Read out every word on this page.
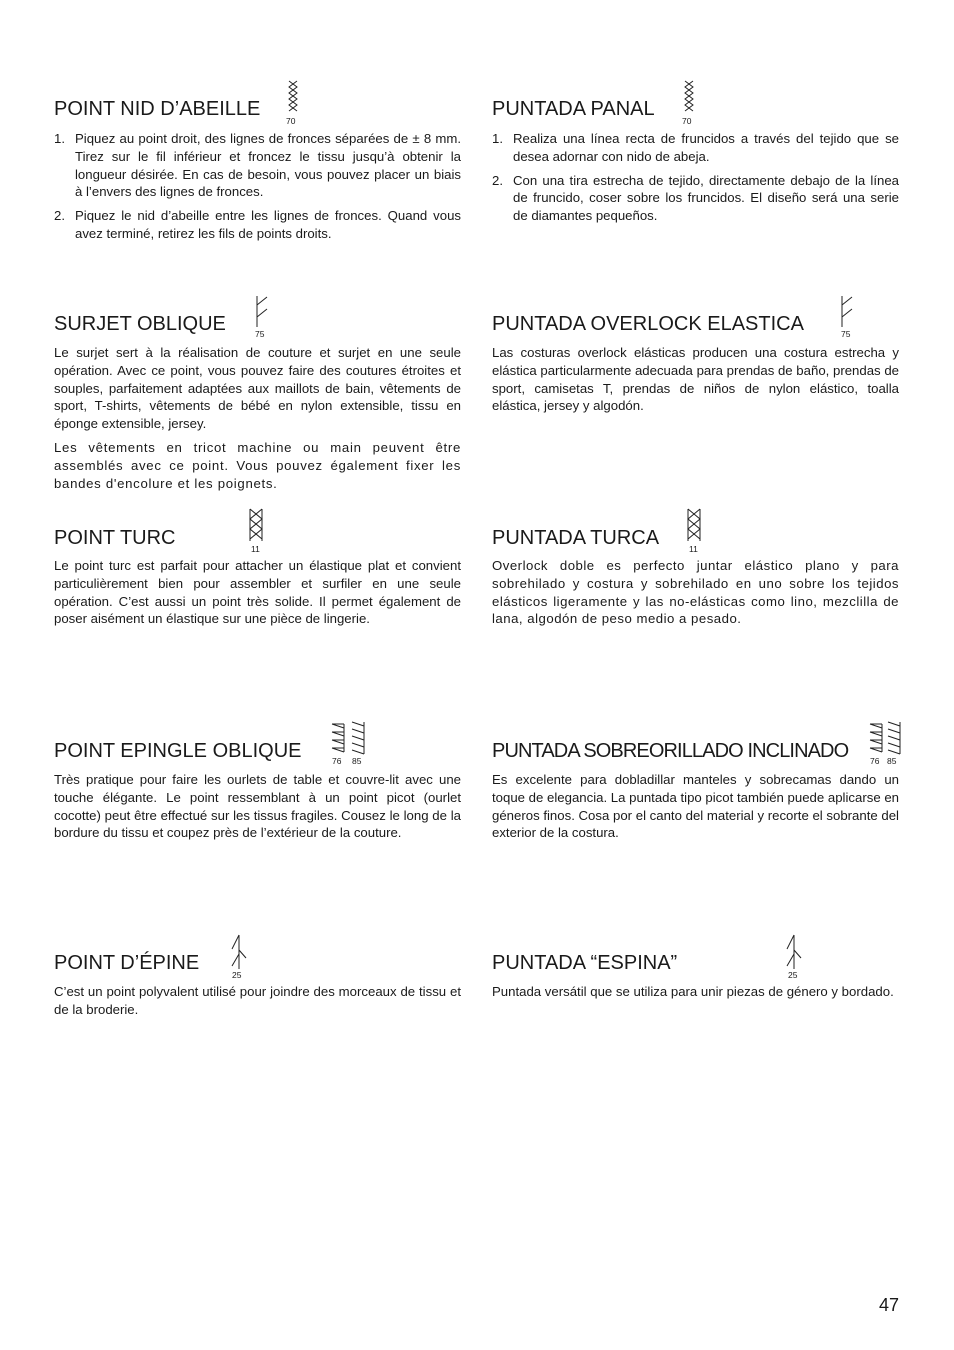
POINT NID D’ABEILLE
70
1. Piquez au point droit, des lignes de fronces séparées de ± 8 mm. Tirez sur le fil inférieur et froncez le tissu jusqu’à obtenir la longueur désirée. En cas de besoin, vous pouvez placer un biais à l’envers des lignes de fronces.
2. Piquez le nid d’abeille entre les lignes de fronces. Quand vous avez terminé, retirez les fils de points droits.
PUNTADA PANAL
70
1. Realiza una línea recta de fruncidos a través del tejido que se desea adornar con nido de abeja.
2. Con una tira estrecha de tejido, directamente debajo de la línea de fruncido, coser sobre los fruncidos. El diseño será una serie de diamantes pequeños.
SURJET OBLIQUE	75

Le surjet sert à la réalisation de couture et surjet en une seule opération. Avec ce point, vous pouvez faire des coutures étroites et souples, parfaitement adaptées aux maillots de bain, vêtements de sport, T-shirts, vêtements de bébé en nylon extensible, tissu en éponge extensible, jersey.

Les vêtements en tricot machine ou main peuvent être assemblés avec ce point. Vous pouvez également fixer les bandes d'encolure et les poignets.

PUNTADA OVERLOCK ELASTICA	75

Las costuras overlock elásticas producen una costura estrecha y elástica particularmente adecuada para prendas de baño, prendas de sport, camisetas T, prendas de niños de nylon elástico, toalla elástica, jersey y algodón.

POINT TURC	11

Le point turc est parfait pour attacher un élastique plat et convient particulièrement bien pour assembler et surfiler en une seule opération. C’est aussi un point très solide. Il permet également de poser aisément un élastique sur une pièce de lingerie.

PUNTADA TURCA	11

Overlock doble es perfecto juntar elástico plano y para sobrehilado y costura y sobrehilado en uno sobre los tejidos elásticos ligeramente y las no-elásticas como lino, mezclilla de lana, algodón de peso medio a pesado.

POINT EPINGLE OBLIQUE	76 85

Très pratique pour faire les ourlets de table et couvre-lit avec une touche élégante. Le point ressemblant à un point picot (ourlet cocotte) peut être effectué sur les tissus fragiles. Cousez le long de la bordure du tissu et coupez près de l’extérieur de la couture.

PUNTADA SOBREORILLADO INCLINADO	76 85

Es excelente para dobladillar manteles y sobrecamas dando un toque de elegancia. La puntada tipo picot también puede aplicarse en géneros finos. Cosa por el canto del material y recorte el sobrante del exterior de la costura.

POINT D’ÉPINE
25

C’est un point polyvalent utilisé pour joindre des morceaux de tissu et de la broderie.

PUNTADA “ESPINA”
25

Puntada versátil que se utiliza para unir piezas de género y bordado.

47
